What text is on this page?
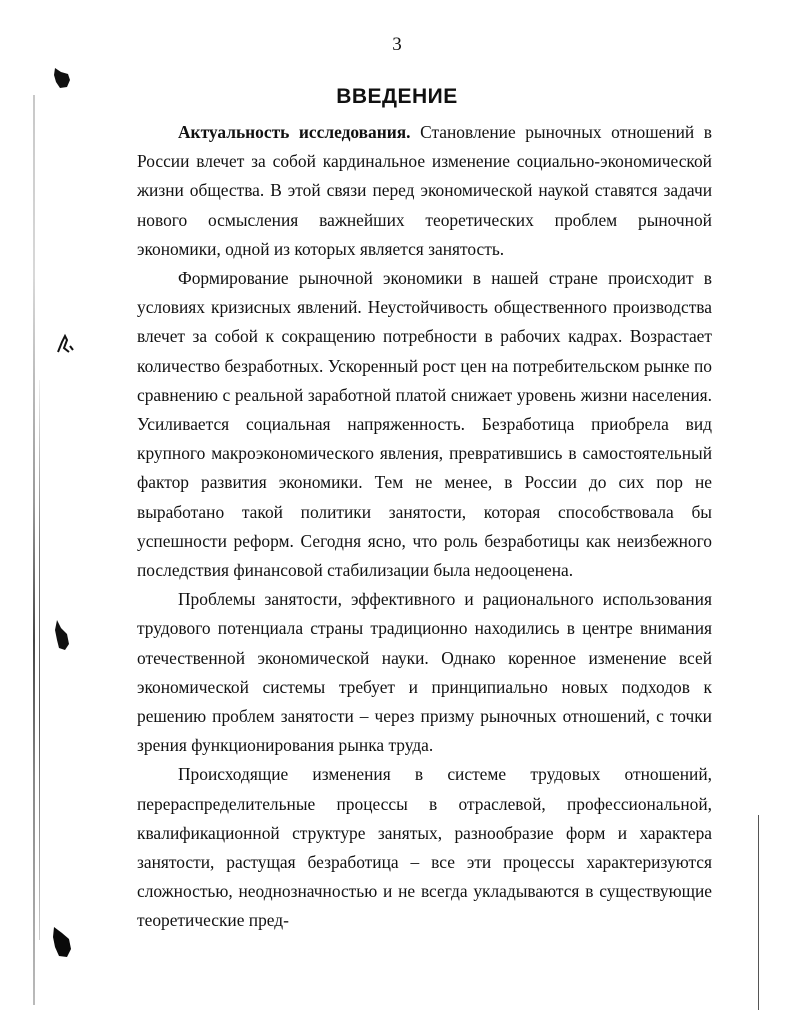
3
ВВЕДЕНИЕ

Актуальность исследования. Становление рыночных отношений в России влечет за собой кардинальное изменение социально-экономической жизни общества. В этой связи перед экономической наукой ставятся задачи нового осмысления важнейших теоретических проблем рыночной экономики, одной из которых является занятость.

Формирование рыночной экономики в нашей стране происходит в условиях кризисных явлений. Неустойчивость общественного производства влечет за собой к сокращению потребности в рабочих кадрах. Возрастает количество безработных. Ускоренный рост цен на потребительском рынке по сравнению с реальной заработной платой снижает уровень жизни населения. Усиливается социальная напряженность. Безработица приобрела вид крупного макроэкономического явления, превратившись в самостоятельный фактор развития экономики. Тем не менее, в России до сих пор не выработано такой политики занятости, которая способствовала бы успешности реформ. Сегодня ясно, что роль безработицы как неизбежного последствия финансовой стабилизации была недооценена.

Проблемы занятости, эффективного и рационального использования трудового потенциала страны традиционно находились в центре внимания отечественной экономической науки. Однако коренное изменение всей экономической системы требует и принципиально новых подходов к решению проблем занятости – через призму рыночных отношений, с точки зрения функционирования рынка труда.

Происходящие изменения в системе трудовых отношений, перераспределительные процессы в отраслевой, профессиональной, квалификационной структуре занятых, разнообразие форм и характера занятости, растущая безработица – все эти процессы характеризуются сложностью, неоднозначностью и не всегда укладываются в существующие теоретические пред-
